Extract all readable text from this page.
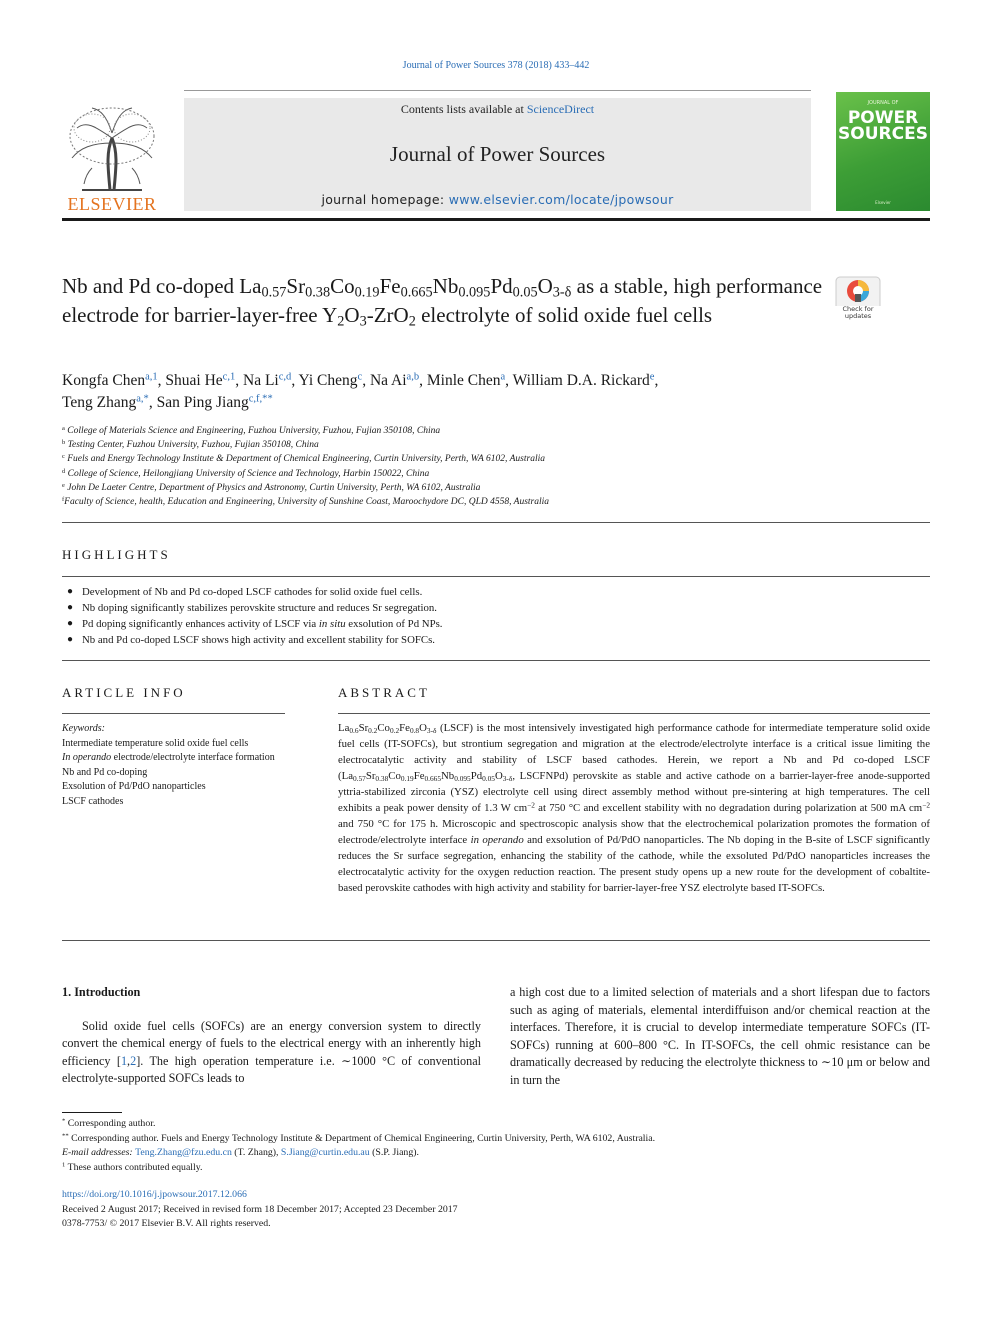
Journal of Power Sources 378 (2018) 433–442
ELSEVIER
Contents lists available at ScienceDirect
Journal of Power Sources
journal homepage: www.elsevier.com/locate/jpowsour
JOURNAL OF
POWER
SOURCES
Elsevier
Nb and Pd co-doped $La_{0.57}Sr_{0.38}Co_{0.19}Fe_{0.665}Nb_{0.095}Pd_{0.05}O_{3-\delta}$ as a stable, high performance electrode for barrier-layer-free $Y_2O_3-ZrO_2$ electrolyte of solid oxide fuel cells	Check for
updates
Kongfa Chen$^{a,1}$, Shuai He$^{c,1}$, Na Li$^{c,d}$, Yi Cheng$^c$, Na Ai$^{a,b}$, Minle Chen$^a$, William D.A. Rickard$^e$,
Teng Zhang$^{a,*}$, San Ping Jiang$^{c,f,**}$
$^a$ College of Materials Science and Engineering, Fuzhou University, Fuzhou, Fujian 350108, China
$^b$ Testing Center, Fuzhou University, Fuzhou, Fujian 350108, China
$^c$ Fuels and Energy Technology Institute & Department of Chemical Engineering, Curtin University, Perth, WA 6102, Australia
$^d$ College of Science, Heilongjiang University of Science and Technology, Harbin 150022, China
$^e$ John De Laeter Centre, Department of Physics and Astronomy, Curtin University, Perth, WA 6102, Australia
$^f$Faculty of Science, health, Education and Engineering, University of Sunshine Coast, Maroochydore DC, QLD 4558, Australia
HIGHLIGHTS
● Development of Nb and Pd co-doped LSCF cathodes for solid oxide fuel cells.
● Nb doping significantly stabilizes perovskite structure and reduces Sr segregation.
● Pd doping significantly enhances activity of LSCF via in situ exsolution of Pd NPs.
● Nb and Pd co-doped LSCF shows high activity and excellent stability for SOFCs.
ARTICLE INFO
Keywords:
Intermediate temperature solid oxide fuel cells
In operando electrode/electrolyte interface formation
Nb and Pd co-doping
Exsolution of Pd/PdO nanoparticles
LSCF cathodes
ABSTRACT
$La_{0.6}Sr_{0.2}Co_{0.2}Fe_{0.8}O_{3-\delta}$ (LSCF) is the most intensively investigated high performance cathode for intermediate temperature solid oxide fuel cells (IT-SOFCs), but strontium segregation and migration at the electrode/electrolyte interface is a critical issue limiting the electrocatalytic activity and stability of LSCF based cathodes. Herein, we report a Nb and Pd co-doped LSCF ($La_{0.57}Sr_{0.38}Co_{0.19}Fe_{0.665}Nb_{0.095}Pd_{0.05}O_{3-\delta}$, LSCFNPd) perovskite as stable and active cathode on a barrier-layer-free anode-supported yttria-stabilized zirconia (YSZ) electrolyte cell using direct assembly method without pre-sintering at high temperatures. The cell exhibits a peak power density of 1.3 W $cm^{-2}$ at 750 °C and excellent stability with no degradation during polarization at 500 mA $cm^{-2}$ and 750 °C for 175 h. Microscopic and spectroscopic analysis show that the electrochemical polarization promotes the formation of electrode/electrolyte interface in operando and exsolution of Pd/PdO nanoparticles. The Nb doping in the B-site of LSCF significantly reduces the Sr surface segregation, enhancing the stability of the cathode, while the exsoluted Pd/PdO nanoparticles increases the electrocatalytic activity for the oxygen reduction reaction. The present study opens up a new route for the development of cobaltite-based perovskite cathodes with high activity and stability for barrier-layer-free YSZ electrolyte based IT-SOFCs.
1. Introduction
Solid oxide fuel cells (SOFCs) are an energy conversion system to directly convert the chemical energy of fuels to the electrical energy with an inherently high efficiency [1,2]. The high operation temperature i.e. ∼1000 °C of conventional electrolyte-supported SOFCs leads to
a high cost due to a limited selection of materials and a short lifespan due to factors such as aging of materials, elemental interdiffuison and/or chemical reaction at the interfaces. Therefore, it is crucial to develop intermediate temperature SOFCs (IT-SOFCs) running at 600–800 °C. In IT-SOFCs, the cell ohmic resistance can be dramatically decreased by reducing the electrolyte thickness to ∼10 μm or below and in turn the
* Corresponding author.
** Corresponding author. Fuels and Energy Technology Institute & Department of Chemical Engineering, Curtin University, Perth, WA 6102, Australia.
E-mail addresses: Teng.Zhang@fzu.edu.cn (T. Zhang), S.Jiang@curtin.edu.au (S.P. Jiang).
$^1$ These authors contributed equally.
https://doi.org/10.1016/j.jpowsour.2017.12.066
Received 2 August 2017; Received in revised form 18 December 2017; Accepted 23 December 2017
0378-7753/ © 2017 Elsevier B.V. All rights reserved.
